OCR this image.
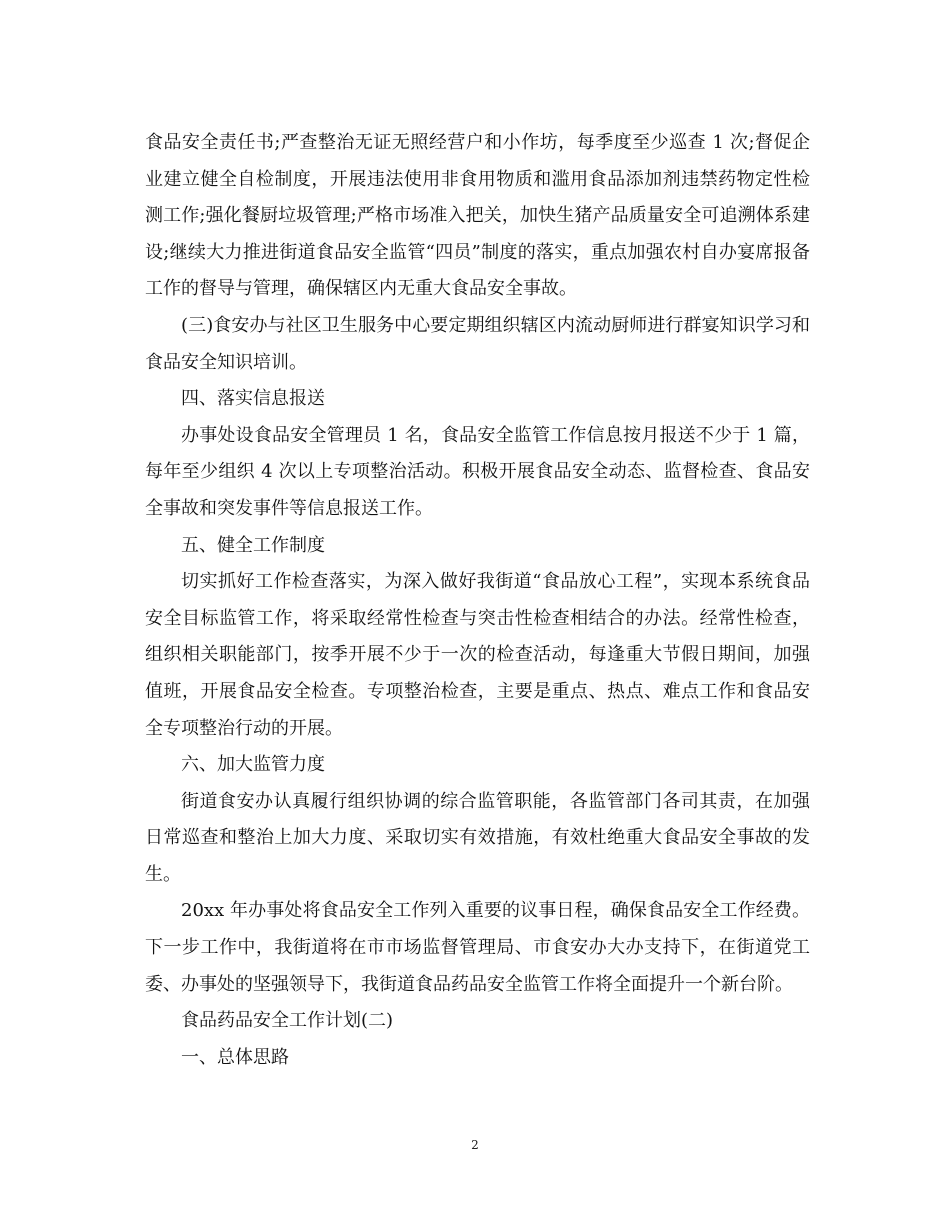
食品安全责任书;严查整治无证无照经营户和小作坊，每季度至少巡查 1 次;督促企业建立健全自检制度，开展违法使用非食用物质和滥用食品添加剂违禁药物定性检测工作;强化餐厨垃圾管理;严格市场准入把关，加快生猪产品质量安全可追溯体系建设;继续大力推进街道食品安全监管“四员”制度的落实，重点加强农村自办宴席报备工作的督导与管理，确保辖区内无重大食品安全事故。

(三)食安办与社区卫生服务中心要定期组织辖区内流动厨师进行群宴知识学习和食品安全知识培训。

四、落实信息报送

办事处设食品安全管理员 1 名，食品安全监管工作信息按月报送不少于 1 篇，每年至少组织 4 次以上专项整治活动。积极开展食品安全动态、监督检查、食品安全事故和突发事件等信息报送工作。

五、健全工作制度

切实抓好工作检查落实，为深入做好我街道“食品放心工程”，实现本系统食品安全目标监管工作，将采取经常性检查与突击性检查相结合的办法。经常性检查，组织相关职能部门，按季开展不少于一次的检查活动，每逢重大节假日期间，加强值班，开展食品安全检查。专项整治检查，主要是重点、热点、难点工作和食品安全专项整治行动的开展。

六、加大监管力度

街道食安办认真履行组织协调的综合监管职能，各监管部门各司其责，在加强日常巡查和整治上加大力度、采取切实有效措施，有效杜绝重大食品安全事故的发生。

20xx 年办事处将食品安全工作列入重要的议事日程，确保食品安全工作经费。下一步工作中，我街道将在市市场监督管理局、市食安办大办支持下，在街道党工委、办事处的坚强领导下，我街道食品药品安全监管工作将全面提升一个新台阶。

食品药品安全工作计划(二)

一、总体思路

2
